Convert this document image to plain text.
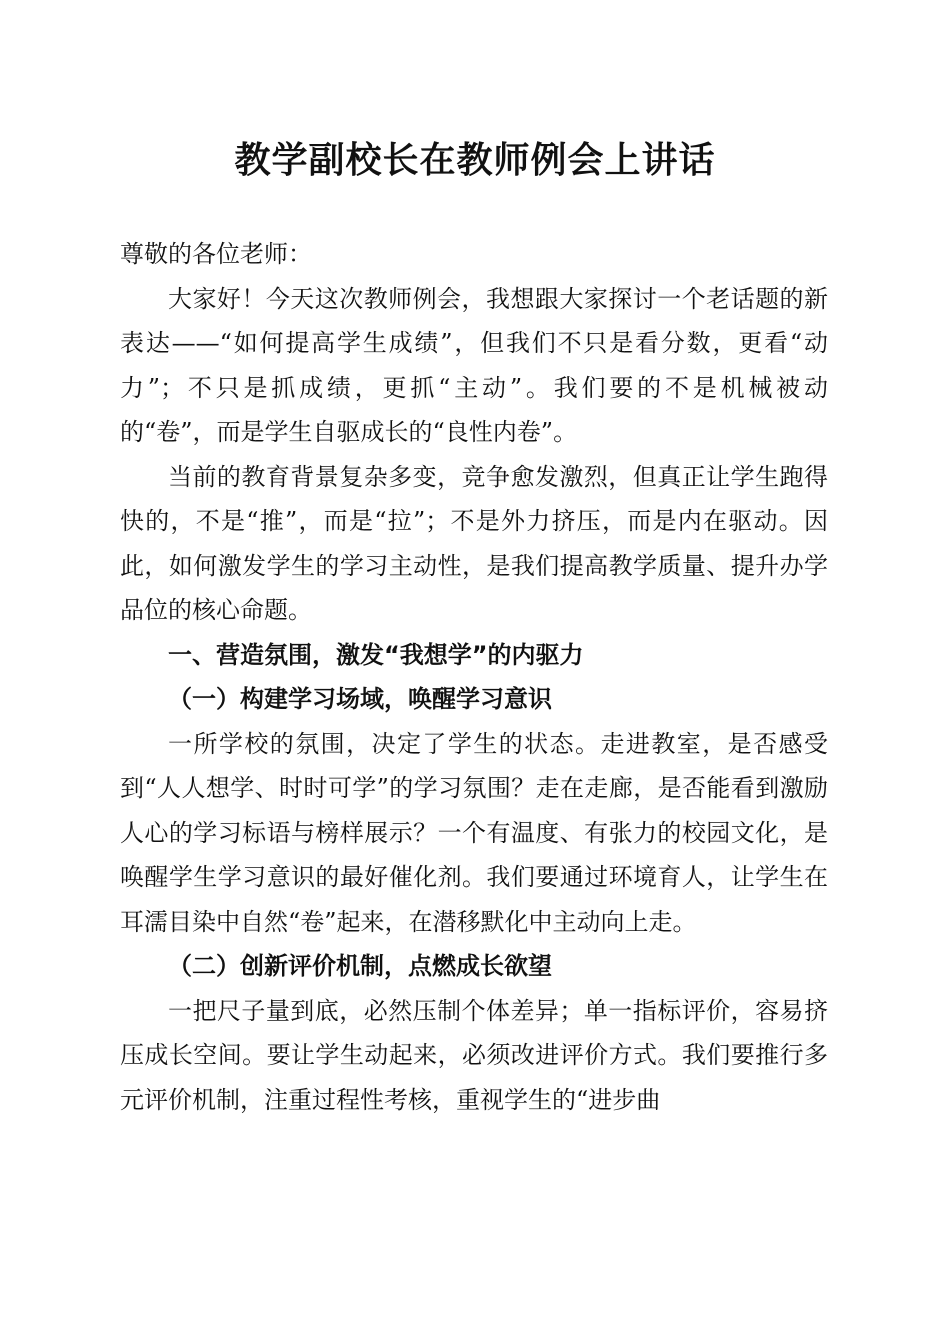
教学副校长在教师例会上讲话

尊敬的各位老师：

大家好！今天这次教师例会，我想跟大家探讨一个老话题的新表达——“如何提高学生成绩”，但我们不只是看分数，更看“动力”；不只是抓成绩，更抓“主动”。我们要的不是机械被动的“卷”，而是学生自驱成长的“良性内卷”。

当前的教育背景复杂多变，竞争愈发激烈，但真正让学生跑得快的，不是“推”，而是“拉”；不是外力挤压，而是内在驱动。因此，如何激发学生的学习主动性，是我们提高教学质量、提升办学品位的核心命题。

一、营造氛围，激发“我想学”的内驱力

（一）构建学习场域，唤醒学习意识

一所学校的氛围，决定了学生的状态。走进教室，是否感受到“人人想学、时时可学”的学习氛围？走在走廊，是否能看到激励人心的学习标语与榜样展示？一个有温度、有张力的校园文化，是唤醒学生学习意识的最好催化剂。我们要通过环境育人，让学生在耳濡目染中自然“卷”起来，在潜移默化中主动向上走。

（二）创新评价机制，点燃成长欲望

一把尺子量到底，必然压制个体差异；单一指标评价，容易挤压成长空间。要让学生动起来，必须改进评价方式。我们要推行多元评价机制，注重过程性考核，重视学生的“进步曲
